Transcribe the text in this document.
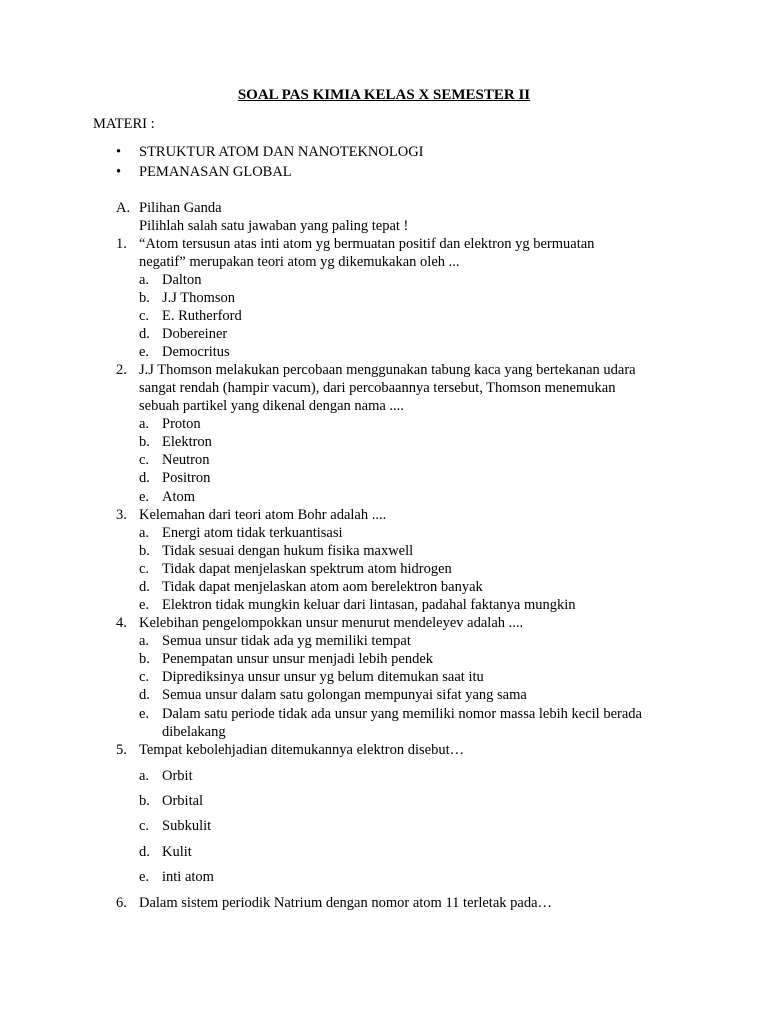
SOAL PAS KIMIA KELAS X SEMESTER II
MATERI :
• STRUKTUR ATOM DAN NANOTEKNOLOGI
• PEMANASAN GLOBAL
A. Pilihan Ganda
Pilihlah salah satu jawaban yang paling tepat !
1. “Atom tersusun atas inti atom yg bermuatan positif dan elektron yg bermuatan
negatif” merupakan teori atom yg dikemukakan oleh ...
a. Dalton
b. J.J Thomson
c. E. Rutherford
d. Dobereiner
e. Democritus
2. J.J Thomson melakukan percobaan menggunakan tabung kaca yang bertekanan udara
sangat rendah (hampir vacum), dari percobaannya tersebut, Thomson menemukan
sebuah partikel yang dikenal dengan nama ....
a. Proton
b. Elektron
c. Neutron
d. Positron
e. Atom
3. Kelemahan dari teori atom Bohr adalah ....
a. Energi atom tidak terkuantisasi
b. Tidak sesuai dengan hukum fisika maxwell
c. Tidak dapat menjelaskan spektrum atom hidrogen
d. Tidak dapat menjelaskan atom aom berelektron banyak
e. Elektron tidak mungkin keluar dari lintasan, padahal faktanya mungkin
4. Kelebihan pengelompokkan unsur menurut mendeleyev adalah ....
a. Semua unsur tidak ada yg memiliki tempat
b. Penempatan unsur unsur menjadi lebih pendek
c. Diprediksinya unsur unsur yg belum ditemukan saat itu
d. Semua unsur dalam satu golongan mempunyai sifat yang sama
e. Dalam satu periode tidak ada unsur yang memiliki nomor massa lebih kecil berada
dibelakang
5. Tempat kebolehjadian ditemukannya elektron disebut…
a. Orbit
b. Orbital
c. Subkulit
d. Kulit
e. inti atom
6. Dalam sistem periodik Natrium dengan nomor atom 11 terletak pada…
